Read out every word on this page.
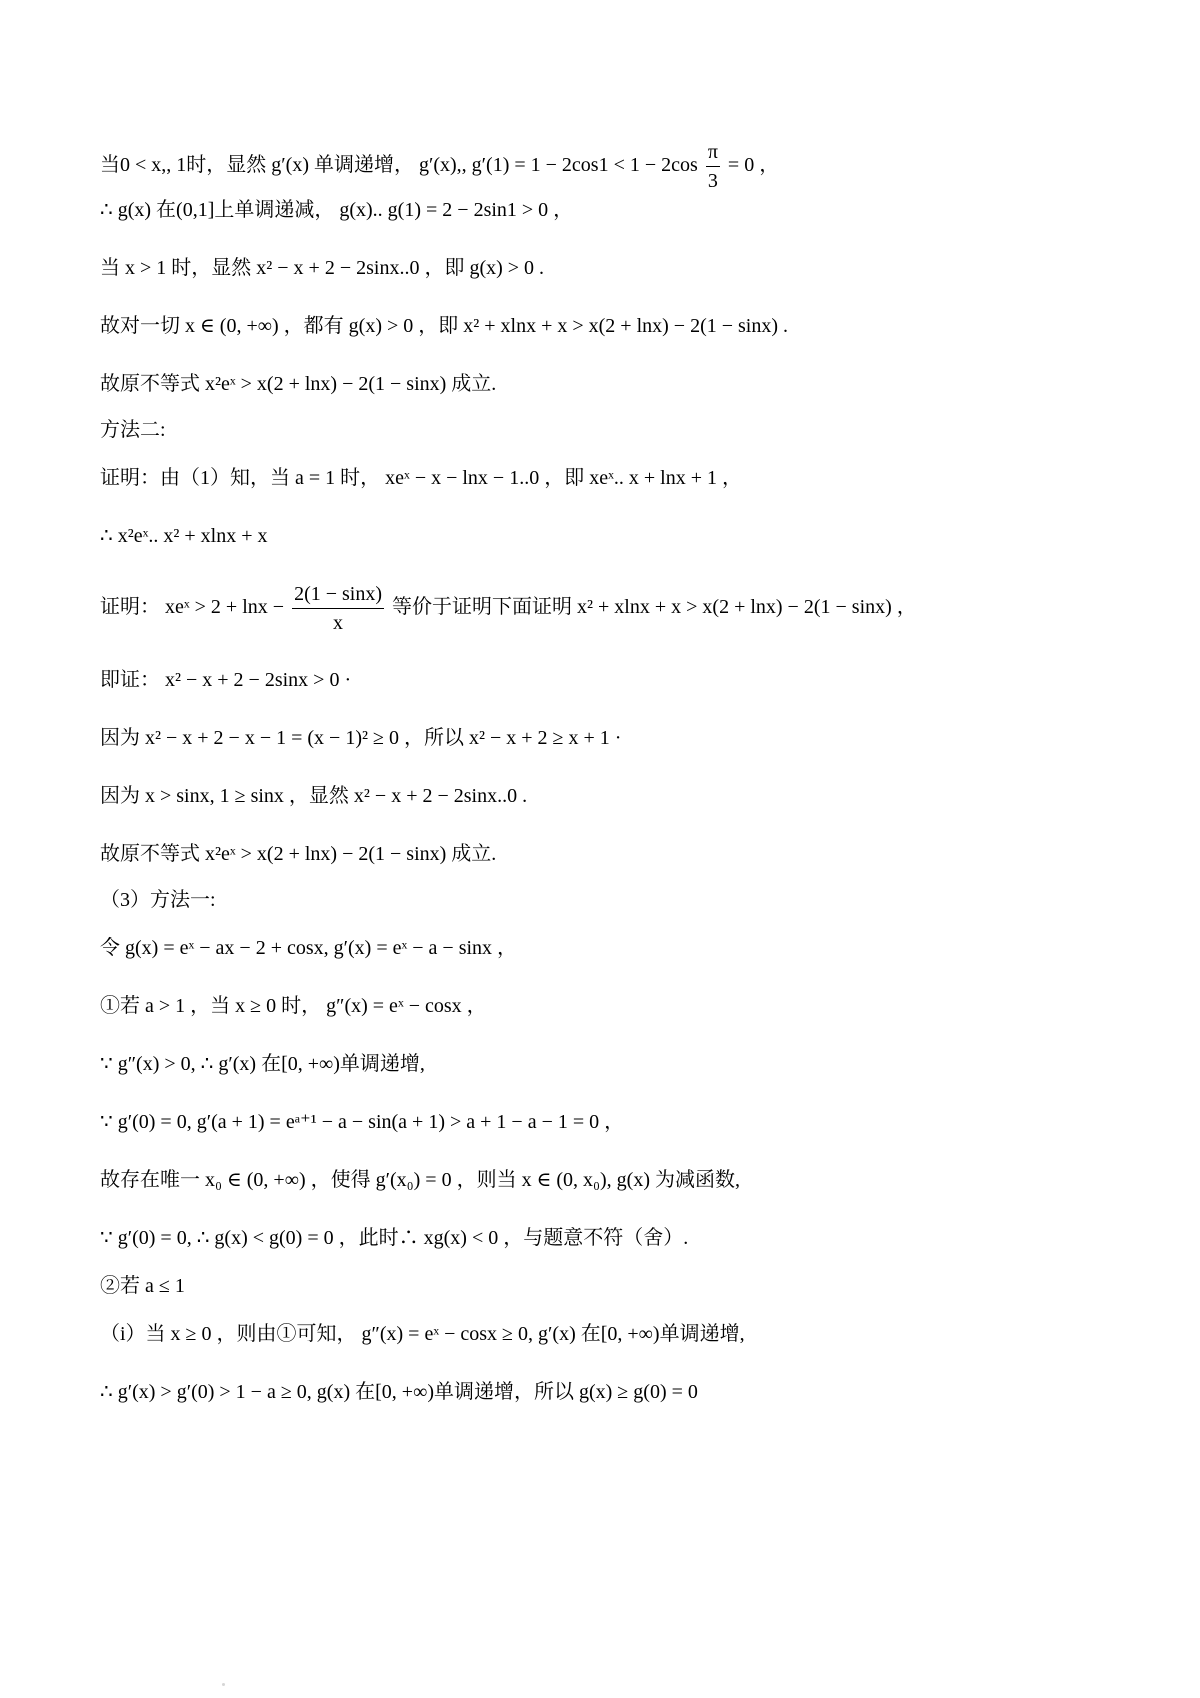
当0 < x,, 1时，显然 g′(x) 单调递增， g′(x),, $g'(1) = 1 - 2\cos 1 < 1 - 2\cos \frac{\pi}{3} = 0$ ，
∴ g(x) 在(0,1]上单调递减， g(x).. g(1) = 2 − 2sin1 > 0 ，
当 x > 1 时，显然 x² − x + 2 − 2sinx..0 ，即 g(x) > 0 .
故对一切 x ∈ (0, +∞) ，都有 g(x) > 0 ，即 x² + xlnx + x > x(2 + lnx) − 2(1 − sinx) .
故原不等式 x²eˣ > x(2 + lnx) − 2(1 − sinx) 成立.
方法二:
证明：由（1）知，当 a = 1 时， xeˣ − x − lnx − 1..0 ，即 xeˣ.. x + lnx + 1 ，
∴ x²eˣ.. x² + xlnx + x
证明： xeˣ > $2 + \ln x - \frac{2(1 - \sin x)}{x}$ 等价于证明下面证明 x² + xlnx + x > x(2 + lnx) − 2(1 − sinx) ，
即证： x² − x + 2 − 2sinx > 0 ·
因为 x² − x + 2 − x − 1 = (x − 1)² ≥ 0 ，所以 x² − x + 2 ≥ x + 1 ·
因为 x > sinx, 1 ≥ sinx ，显然 x² − x + 2 − 2sinx..0 .
故原不等式 x²eˣ > x(2 + lnx) − 2(1 − sinx) 成立.
（3）方法一:
令 g(x) = eˣ − ax − 2 + cosx, g′(x) = eˣ − a − sinx ，
①若 a > 1 ，当 x ≥ 0 时， g″(x) = eˣ − cosx ，
∵ g″(x) > 0, ∴ g′(x) 在[0, +∞)单调递增,
∵ g′(0) = 0, g′(a + 1) = eᵃ⁺¹ − a − sin(a + 1) > a + 1 − a − 1 = 0 ，
故存在唯一 x₀ ∈ (0, +∞) ，使得 g′(x₀) = 0 ，则当 x ∈ (0, x₀), g(x) 为减函数,
∵ g′(0) = 0, ∴ g(x) < g(0) = 0 ，此时∴ xg(x) < 0 ，与题意不符（舍）.
②若 a ≤ 1
（i）当 x ≥ 0 ，则由①可知， g″(x) = eˣ − cosx ≥ 0, g′(x) 在[0, +∞)单调递增,
∴ g′(x) > g′(0) > 1 − a ≥ 0, g(x) 在[0, +∞)单调递增，所以 g(x) ≥ g(0) = 0
